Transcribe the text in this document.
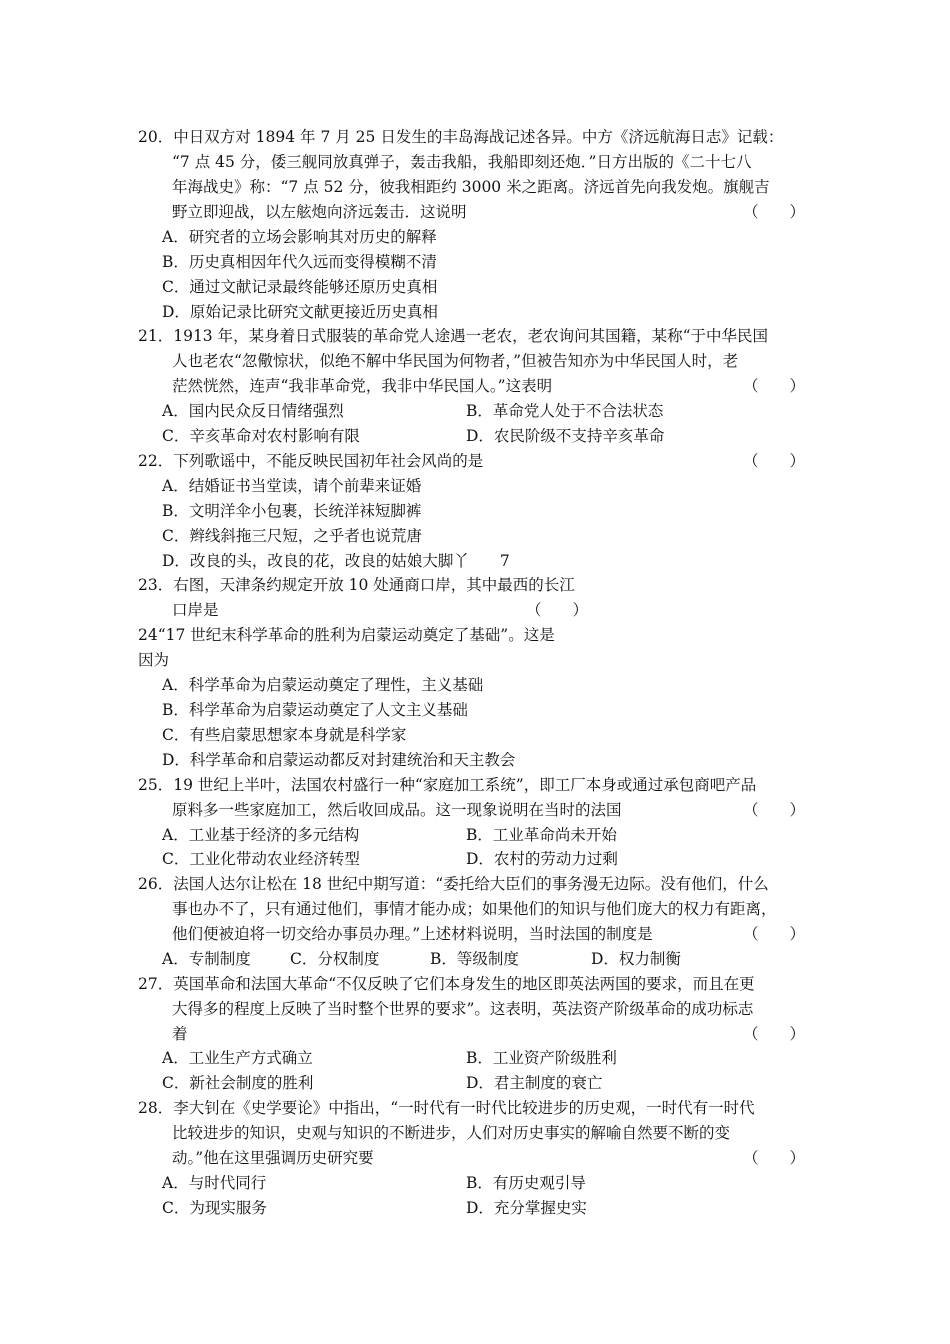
20．中日双方对 1894 年 7 月 25 日发生的丰岛海战记述各异。中方《济远航海日志》记载：
“7 点 45 分，倭三舰同放真弹子，轰击我船，我船即刻还炮．”日方出版的《二十七八
年海战史》称：“7 点 52 分，彼我相距约 3000 米之距离。济远首先向我发炮。旗舰吉
野立即迎战，以左舷炮向济远轰击．这说明	（　　）
A．研究者的立场会影响其对历史的解释
B．历史真相因年代久远而变得模糊不清
C．通过文献记录最终能够还原历史真相
D．原始记录比研究文献更接近历史真相
21．1913 年，某身着日式服装的革命党人途遇一老农，老农询问其国籍，某称“于中华民国
人也老农“忽儆惊状，似绝不解中华民国为何物者，”但被告知亦为中华民国人时，老
茫然恍然，连声“我非革命党，我非中华民国人。”这表明	（　　）
A．国内民众反日情绪强烈	B．革命党人处于不合法状态
C．辛亥革命对农村影响有限	D．农民阶级不支持辛亥革命
22．下列歌谣中，不能反映民国初年社会风尚的是	（　　）
A．结婚证书当堂读，请个前辈来证婚
B．文明洋伞小包裹，长统洋袜短脚裤
C．辫线斜拖三尺短，之乎者也说荒唐
D．改良的头，改良的花，改良的姑娘大脚丫　　7
23．右图，天津条约规定开放 10 处通商口岸，其中最西的长江
口岸是	（　　）
24“17 世纪末科学革命的胜利为启蒙运动奠定了基础”。这是
因为
A．科学革命为启蒙运动奠定了理性，主义基础
B．科学革命为启蒙运动奠定了人文主义基础
C．有些启蒙思想家本身就是科学家
D．科学革命和启蒙运动都反对封建统治和天主教会
25．19 世纪上半叶，法国农村盛行一种“家庭加工系统”，即工厂本身或通过承包商吧产品
原料多一些家庭加工，然后收回成品。这一现象说明在当时的法国	（　　）
A．工业基于经济的多元结构	B．工业革命尚未开始
C．工业化带动农业经济转型	D．农村的劳动力过剩
26．法国人达尔让松在 18 世纪中期写道：“委托给大臣们的事务漫无边际。没有他们，什么
事也办不了，只有通过他们，事情才能办成；如果他们的知识与他们庞大的权力有距离，
他们便被迫将一切交给办事员办理。”上述材料说明，当时法国的制度是	（　　）
A．专制制度	C．分权制度	B．等级制度	D．权力制衡
27．英国革命和法国大革命“不仅反映了它们本身发生的地区即英法两国的要求，而且在更
大得多的程度上反映了当时整个世界的要求”。这表明，英法资产阶级革命的成功标志
着	（　　）
A．工业生产方式确立	B．工业资产阶级胜利
C．新社会制度的胜利	D．君主制度的衰亡
28．李大钊在《史学要论》中指出，“一时代有一时代比较进步的历史观，一时代有一时代
比较进步的知识，史观与知识的不断进步，人们对历史事实的解喻自然要不断的变
动。”他在这里强调历史研究要	（　　）
A．与时代同行	B．有历史观引导
C．为现实服务	D．充分掌握史实
